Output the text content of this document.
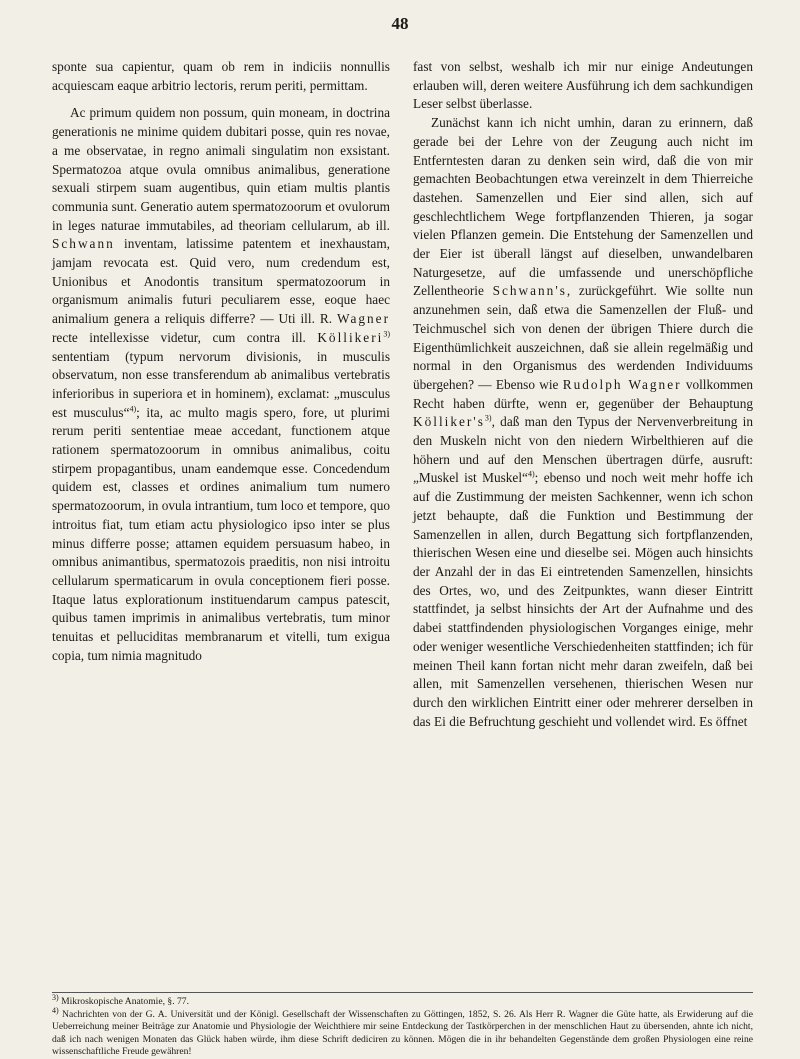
48

sponte sua capientur, quam ob rem in indiciis nonnullis acquiescam eaque arbitrio lectoris, rerum periti, permittam.

Ac primum quidem non possum, quin moneam, in doctrina generationis ne minime quidem dubitari posse, quin res novae, a me observatae, in regno animali singulatim non exsistant. Spermatozoa atque ovula omnibus animalibus, generatione sexuali stirpem suam augentibus, quin etiam multis plantis communia sunt. Generatio autem spermatozoorum et ovulorum in leges naturae immutabiles, ad theoriam cellularum, ab ill. Schwann inventam, latissime patentem et inexhaustam, jamjam revocata est. Quid vero, num credendum est, Unionibus et Anodontis transitum spermatozoorum in organismum animalis futuri peculiarem esse, eoque haec animalium genera a reliquis differre? — Uti ill. R. Wagner recte intellexisse videtur, cum contra ill. Köllikeri$^{3)}$ sententiam (typum nervorum divisionis, in musculis observatum, non esse transferendum ab animalibus vertebratis inferioribus in superiora et in hominem), exclamat: „musculus est musculus“$^{4)}$; ita, ac multo magis spero, fore, ut plurimi rerum periti sententiae meae accedant, functionem atque rationem spermatozoorum in omnibus animalibus, coitu stirpem propagantibus, unam eandemque esse. Concedendum quidem est, classes et ordines animalium tum numero spermatozoorum, in ovula intrantium, tum loco et tempore, quo introitus fiat, tum etiam actu physiologico ipso inter se plus minus differre posse; attamen equidem persuasum habeo, in omnibus animantibus, spermatozois praeditis, non nisi introitu cellularum spermaticarum in ovula conceptionem fieri posse. Itaque latus explorationum instituendarum campus patescit, quibus tamen imprimis in animalibus vertebratis, tum minor tenuitas et pelluciditas membranarum et vitelli, tum exigua copia, tum nimia magnitudo

fast von selbst, weshalb ich mir nur einige Andeutungen erlauben will, deren weitere Ausführung ich dem sachkundigen Leser selbst überlasse.

Zunächst kann ich nicht umhin, daran zu erinnern, daß gerade bei der Lehre von der Zeugung auch nicht im Entferntesten daran zu denken sein wird, daß die von mir gemachten Beobachtungen etwa vereinzelt in dem Thierreiche dastehen. Samenzellen und Eier sind allen, sich auf geschlechtlichem Wege fortpflanzenden Thieren, ja sogar vielen Pflanzen gemein. Die Entstehung der Samenzellen und der Eier ist überall längst auf dieselben, unwandelbaren Naturgesetze, auf die umfassende und unerschöpfliche Zellentheorie Schwann's, zurückgeführt. Wie sollte nun anzunehmen sein, daß etwa die Samenzellen der Fluß- und Teichmuschel sich von denen der übrigen Thiere durch die Eigenthümlichkeit auszeichnen, daß sie allein regelmäßig und normal in den Organismus des werdenden Individuums übergehen? — Ebenso wie Rudolph Wagner vollkommen Recht haben dürfte, wenn er, gegenüber der Behauptung $Kölliker's^{3)}$, daß man den Typus der Nervenverbreitung in den Muskeln nicht von den niedern Wirbelthieren auf die höhern und auf den Menschen übertragen dürfe, ausruft: „Muskel ist Muskel“$^{4)}$; ebenso und noch weit mehr hoffe ich auf die Zustimmung der meisten Sachkenner, wenn ich schon jetzt behaupte, daß die Funktion und Bestimmung der Samenzellen in allen, durch Begattung sich fortpflanzenden, thierischen Wesen eine und dieselbe sei. Mögen auch hinsichts der Anzahl der in das Ei eintretenden Samenzellen, hinsichts des Ortes, wo, und des Zeitpunktes, wann dieser Eintritt stattfindet, ja selbst hinsichts der Art der Aufnahme und des dabei stattfindenden physiologischen Vorganges einige, mehr oder weniger wesentliche Verschiedenheiten stattfinden; ich für meinen Theil kann fortan nicht mehr daran zweifeln, daß bei allen, mit Samenzellen versehenen, thierischen Wesen nur durch den wirklichen Eintritt einer oder mehrerer derselben in das Ei die Befruchtung geschieht und vollendet wird. Es öffnet

$^{3)}$ Mikroskopische Anatomie, §. 77.

$^{4)}$ Nachrichten von der G. A. Universität und der Königl. Gesellschaft der Wissenschaften zu Göttingen, 1852, S. 26. Als Herr R. Wagner die Güte hatte, als Erwiderung auf die Ueberreichung meiner Beiträge zur Anatomie und Physiologie der Weichthiere mir seine Entdeckung der Tastkörperchen in der menschlichen Haut zu übersenden, ahnte ich nicht, daß ich nach wenigen Monaten das Glück haben würde, ihm diese Schrift dediciren zu können. Mögen die in ihr behandelten Gegenstände dem großen Physiologen eine reine wissenschaftliche Freude gewähren!
